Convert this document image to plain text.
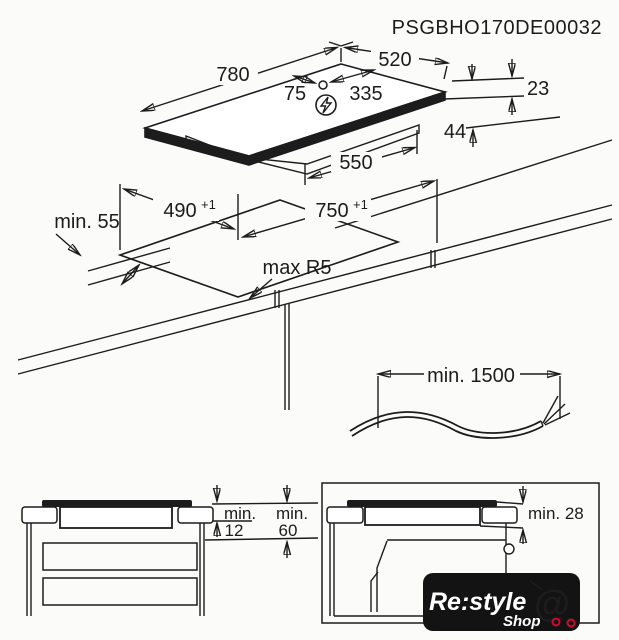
PSGBHO170DE00032
780
520
75 335	23
44
550
min. 55 490 +1	750 +1
max R5
min. 1500
min.
12
min.
60
min. 28
Re:style
Shop
@
